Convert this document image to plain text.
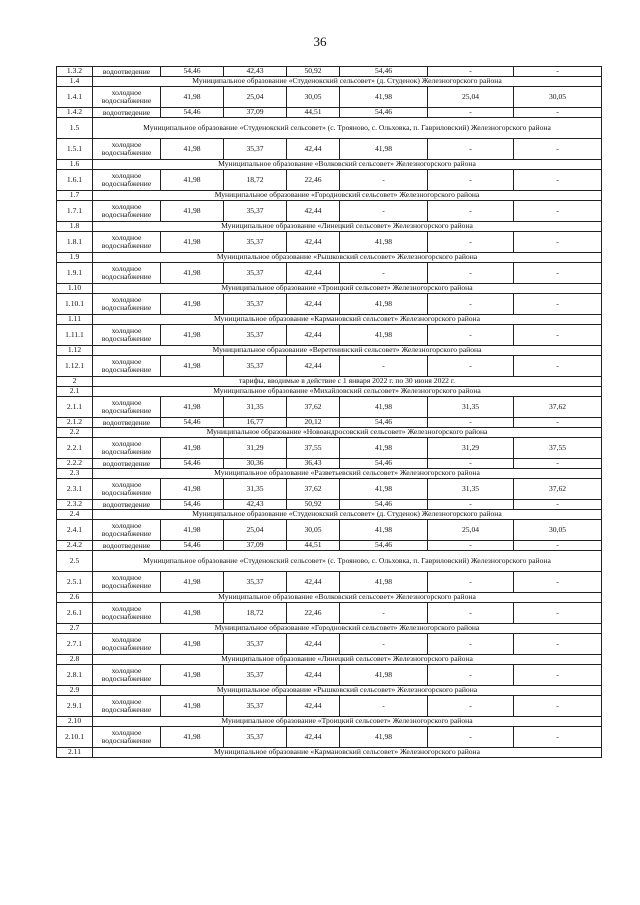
36
1.3.2	водоотведение	54,46	42,43	50,92	54,46	-	-
1.4	Муниципальное образование «Студенокский сельсовет» (д. Студенок) Железногорского района						
1.4.1	холодное водоснабжение	41,98	25,04	30,05	41,98	25,04	30,05
1.4.2	водоотведение	54,46	37,09	44,51	54,46	-	-
1.5	Муниципальное образование «Студенокский сельсовет» (с. Трояново, с. Ольховка, п. Гавриловский) Железногорского района						
1.5.1	холодное водоснабжение	41,98	35,37	42,44	41,98	-	-
1.6	Муниципальное образование «Волковский сельсовет» Железногорского района						
1.6.1	холодное водоснабжение	41,98	18,72	22,46	-	-	-
1.7	Муниципальное образование «Городновский сельсовет» Железногорского района						
1.7.1	холодное водоснабжение	41,98	35,37	42,44	-	-	-
1.8	Муниципальное образование «Линецкий сельсовет» Железногорского района						
1.8.1	холодное водоснабжение	41,98	35,37	42,44	41,98	-	-
1.9	Муниципальное образование «Рышковский сельсовет» Железногорского района						
1.9.1	холодное водоснабжение	41,98	35,37	42,44	-	-	-
1.10	Муниципальное образование «Троицкий сельсовет» Железногорского района						
1.10.1	холодное водоснабжение	41,98	35,37	42,44	41,98	-	-
1.11	Муниципальное образование «Кармановский сельсовет» Железногорского района						
1.11.1	холодное водоснабжение	41,98	35,37	42,44	41,98	-	-
1.12	Муниципальное образование «Веретенинский сельсовет» Железногорского района						
1.12.1	холодное водоснабжение	41,98	35,37	42,44	-	-	-
2	тарифы, вводимые в действие с 1 января 2022 г. по 30 июня 2022 г.						
2.1	Муниципальное образование «Михайловский сельсовет» Железногорского района						
2.1.1	холодное водоснабжение	41,98	31,35	37,62	41,98	31,35	37,62
2.1.2	водоотведение	54,46	16,77	20,12	54,46	-	-
2.2	Муниципальное образование «Новоандросовский сельсовет» Железногорского района						
2.2.1	холодное водоснабжение	41,98	31,29	37,55	41,98	31,29	37,55
2.2.2	водоотведение	54,46	30,36	36,43	54,46	-	-
2.3	Муниципальное образование «Разветьевский сельсовет» Железногорского района						
2.3.1	холодное водоснабжение	41,98	31,35	37,62	41,98	31,35	37,62
2.3.2	водоотведение	54,46	42,43	50,92	54,46	-	-
2.4	Муниципальное образование «Студенокский сельсовет» (д. Студенок) Железногорского района						
2.4.1	холодное водоснабжение	41,98	25,04	30,05	41,98	25,04	30,05
2.4.2	водоотведение	54,46	37,09	44,51	54,46	-	-
2.5	Муниципальное образование «Студенокский сельсовет» (с. Трояново, с. Ольховка, п. Гавриловский) Железногорского района						
2.5.1	холодное водоснабжение	41,98	35,37	42,44	41,98	-	-
2.6	Муниципальное образование «Волковский сельсовет» Железногорского района						
2.6.1	холодное водоснабжение	41,98	18,72	22,46	-	-	-
2.7	Муниципальное образование «Городновский сельсовет» Железногорского района						
2.7.1	холодное водоснабжение	41,98	35,37	42,44	-	-	-
2.8	Муниципальное образование «Линецкий сельсовет» Железногорского района						
2.8.1	холодное водоснабжение	41,98	35,37	42,44	41,98	-	-
2.9	Муниципальное образование «Рышковский сельсовет» Железногорского района						
2.9.1	холодное водоснабжение	41,98	35,37	42,44	-	-	-
2.10	Муниципальное образование «Троицкий сельсовет» Железногорского района						
2.10.1	холодное водоснабжение	41,98	35,37	42,44	41,98	-	-
2.11	Муниципальное образование «Кармановский сельсовет» Железногорского района						
